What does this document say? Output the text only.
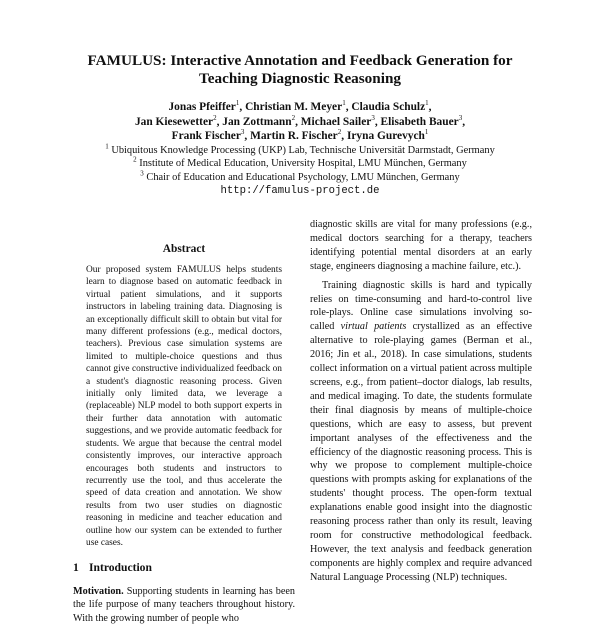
FAMULUS: Interactive Annotation and Feedback Generation for
Teaching Diagnostic Reasoning

Jonas Pfeiffer$^1$, Christian M. Meyer$^1$, Claudia Schulz$^1$,
Jan Kiesewetter$^2$, Jan Zottmann$^2$, Michael Sailer$^3$, Elisabeth Bauer$^3$,
Frank Fischer$^3$, Martin R. Fischer$^2$, Iryna Gurevych$^1$
$^1$ Ubiquitous Knowledge Processing (UKP) Lab, Technische Universität Darmstadt, Germany
$^2$ Institute of Medical Education, University Hospital, LMU München, Germany
$^3$ Chair of Education and Educational Psychology, LMU München, Germany
http://famulus-project.de
Abstract

Our proposed system FAMULUS helps students learn to diagnose based on automatic feedback in virtual patient simulations, and it supports instructors in labeling training data. Diagnosing is an exceptionally difficult skill to obtain but vital for many different professions (e.g., medical doctors, teachers). Previous case simulation systems are limited to multiple-choice questions and thus cannot give constructive individualized feedback on a student's diagnostic reasoning process. Given initially only limited data, we leverage a (replaceable) NLP model to both support experts in their further data annotation with automatic suggestions, and we provide automatic feedback for students. We argue that because the central model consistently improves, our interactive approach encourages both students and instructors to recurrently use the tool, and thus accelerate the speed of data creation and annotation. We show results from two user studies on diagnostic reasoning in medicine and teacher education and outline how our system can be extended to further use cases.

1 Introduction

Motivation. Supporting students in learning has been the life purpose of many teachers throughout history. With the growing number of people who

diagnostic skills are vital for many professions (e.g., medical doctors searching for a therapy, teachers identifying potential mental disorders at an early stage, engineers diagnosing a machine failure, etc.).

Training diagnostic skills is hard and typically relies on time-consuming and hard-to-control live role-plays. Online case simulations involving so-called virtual patients crystallized as an effective alternative to role-playing games (Berman et al., 2016; Jin et al., 2018). In case simulations, students collect information on a virtual patient across multiple screens, e.g., from patient–doctor dialogs, lab results, and medical imaging. To date, the students formulate their final diagnosis by means of multiple-choice questions, which are easy to assess, but prevent important analyses of the effectiveness and the efficiency of the diagnostic reasoning process. This is why we propose to complement multiple-choice questions with prompts asking for explanations of the students' thought process. The open-form textual explanations enable good insight into the diagnostic reasoning process rather than only its result, leaving room for constructive methodological feedback. However, the text analysis and feedback generation components are highly complex and require advanced Natural Language Processing (NLP) techniques.
